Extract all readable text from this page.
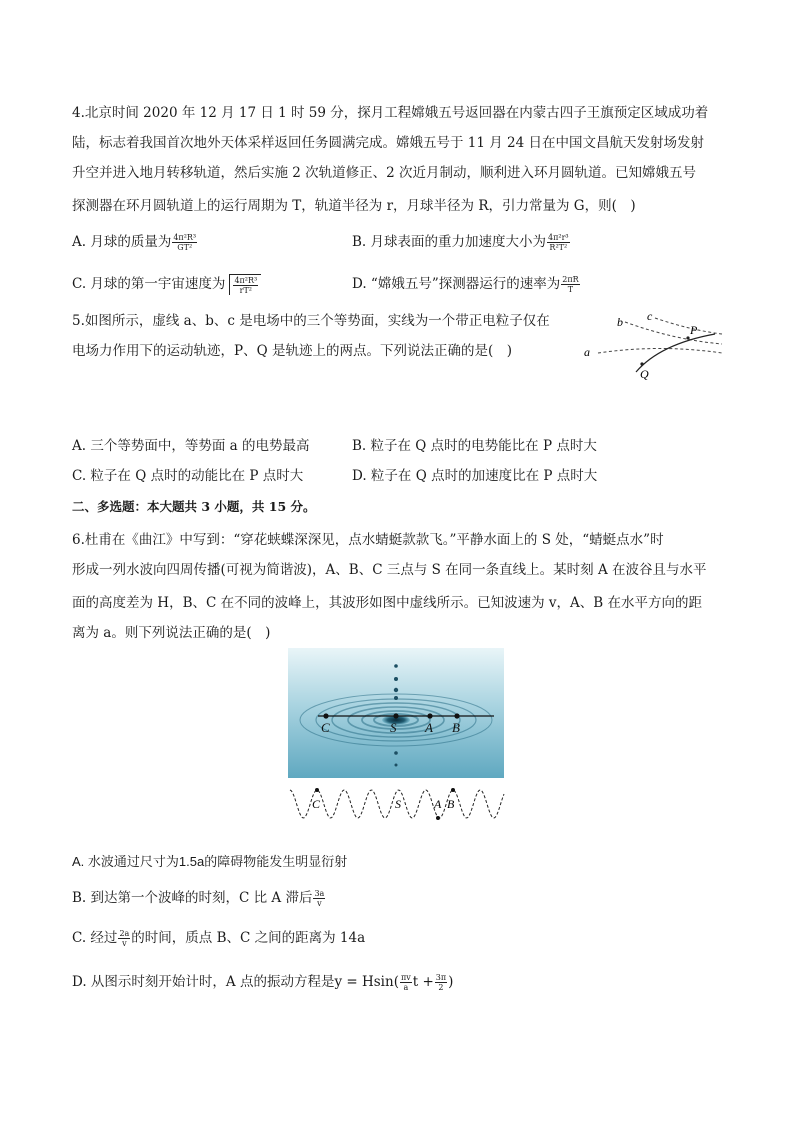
4.北京时间 2020 年 12 月 17 日 1 时 59 分，探月工程嫦娥五号返回器在内蒙古四子王旗预定区域成功着
陆，标志着我国首次地外天体采样返回任务圆满完成。嫦娥五号于 11 月 24 日在中国文昌航天发射场发射
升空并进入地月转移轨道，然后实施 2 次轨道修正、2 次近月制动，顺利进入环月圆轨道。已知嫦娥五号
探测器在环月圆轨道上的运行周期为 T，轨道半径为 r，月球半径为 R，引力常量为 G，则(　)
A. 月球的质量为 $\frac{\text{4π²R³}}{\text{GT²}}$	B. 月球表面的重力加速度大小为 $\frac{\text{4π²r³}}{\text{R²T²}}$
C. 月球的第一宇宙速度为 $\frac{\text{4π²R³}}{\text{rT²}}$	D. “嫦娥五号”探测器运行的速率为 $\frac{2\pi R}{T}$
5.如图所示，虚线 a、b、c 是电场中的三个等势面，实线为一个带正电粒子仅在
电场力作用下的运动轨迹，P、Q 是轨迹上的两点。下列说法正确的是(　)	a
b c
P
Q
A. 三个等势面中，等势面 a 的电势最高	B. 粒子在 Q 点时的电势能比在 P 点时大
C. 粒子在 Q 点时的动能比在 P 点时大	D. 粒子在 Q 点时的加速度比在 P 点时大
二、多选题：本大题共 3 小题，共 15 分。
6.杜甫在《曲江》中写到：“穿花蛱蝶深深见，点水蜻蜓款款飞。”平静水面上的 S 处，“蜻蜓点水”时
形成一列水波向四周传播(可视为简谐波)，A、B、C 三点与 S 在同一条直线上。某时刻 A 在波谷且与水平
面的高度差为 H，B、C 在不同的波峰上，其波形如图中虚线所示。已知波速为 v，A、B 在水平方向的距
离为 a。则下列说法正确的是(　)
C	S A B
C	S	A B
A. 水波通过尺寸为1.5a的障碍物能发生明显衍射
B. 到达第一个波峰的时刻，C 比 A 滞后 $\frac{3a}{v}$
C. 经过 $\frac{2a}{v}$ 的时间，质点 B、C 之间的距离为 14a
D. 从图示时刻开始计时，A 点的振动方程是$y = Hsin( \frac{\pi v}{a}$ $t + \frac{3\pi}{2}$ )
